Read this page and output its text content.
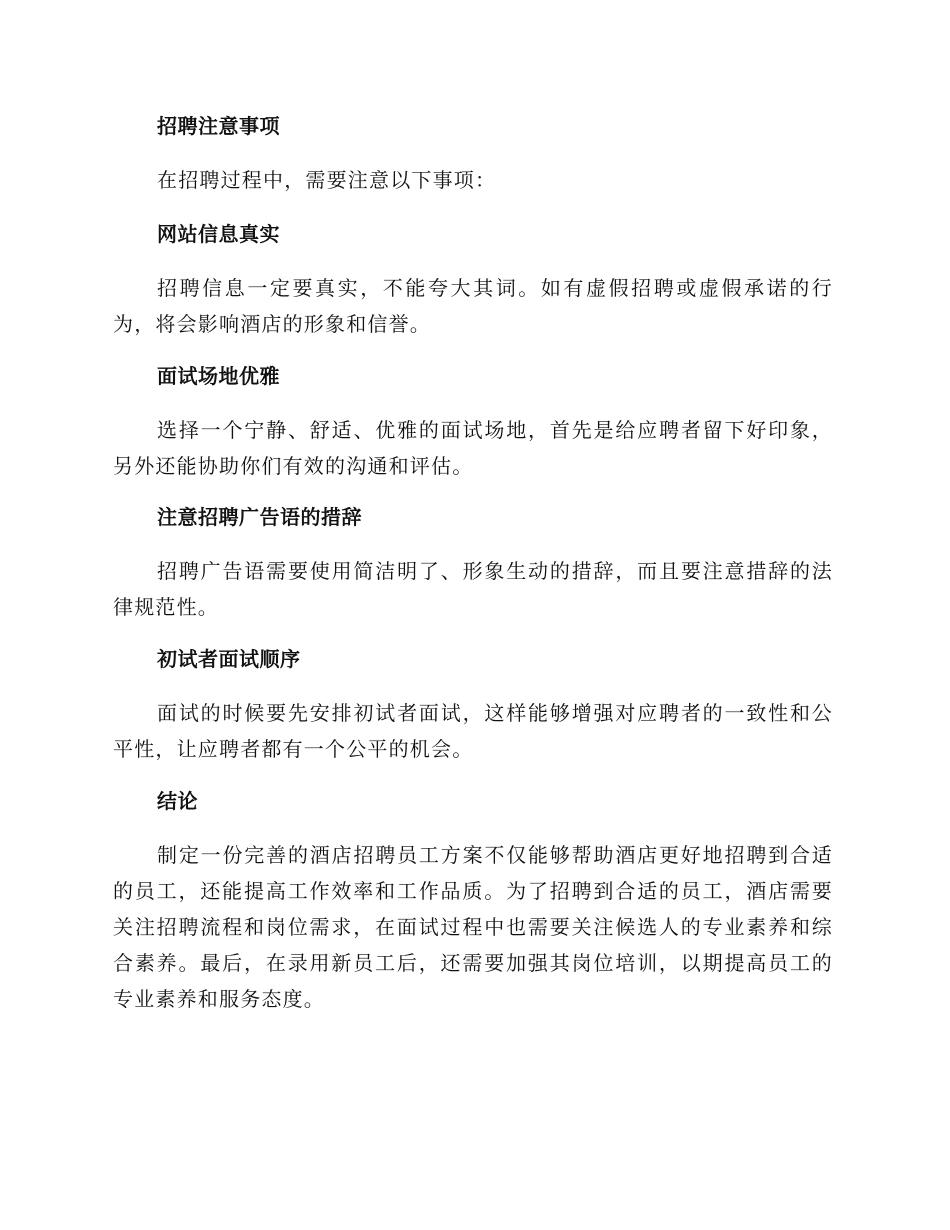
招聘注意事项

在招聘过程中，需要注意以下事项：

网站信息真实

招聘信息一定要真实，不能夸大其词。如有虚假招聘或虚假承诺的行为，将会影响酒店的形象和信誉。

面试场地优雅

选择一个宁静、舒适、优雅的面试场地，首先是给应聘者留下好印象，另外还能协助你们有效的沟通和评估。

注意招聘广告语的措辞

招聘广告语需要使用简洁明了、形象生动的措辞，而且要注意措辞的法律规范性。

初试者面试顺序

面试的时候要先安排初试者面试，这样能够增强对应聘者的一致性和公平性，让应聘者都有一个公平的机会。

结论

制定一份完善的酒店招聘员工方案不仅能够帮助酒店更好地招聘到合适的员工，还能提高工作效率和工作品质。为了招聘到合适的员工，酒店需要关注招聘流程和岗位需求，在面试过程中也需要关注候选人的专业素养和综合素养。最后，在录用新员工后，还需要加强其岗位培训，以期提高员工的专业素养和服务态度。
